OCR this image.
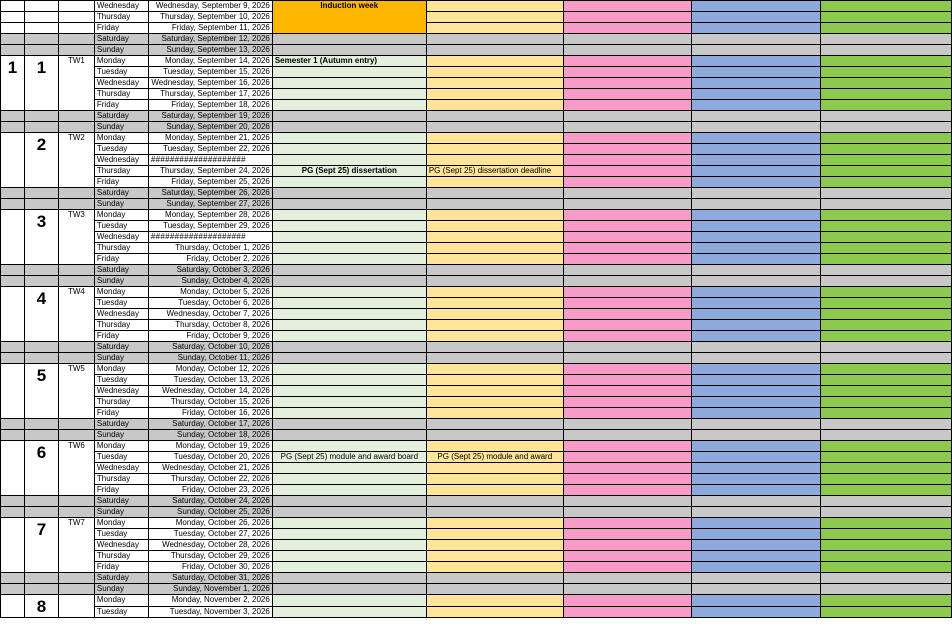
			Wednesday	Wednesday, September 9, 2026	Induction week				
			Thursday	Thursday, September 10, 2026					
			Friday	Friday, September 11, 2026					
			Saturday	Saturday, September 12, 2026					
			Sunday	Sunday, September 13, 2026					
1	1	TW1	Monday	Monday, September 14, 2026	Semester 1 (Autumn entry)				
			Tuesday	Tuesday, September 15, 2026					
			Wednesday	Wednesday, September 16, 2026					
			Thursday	Thursday, September 17, 2026					
			Friday	Friday, September 18, 2026					
			Saturday	Saturday, September 19, 2026					
			Sunday	Sunday, September 20, 2026					
	2	TW2	Monday	Monday, September 21, 2026					
			Tuesday	Tuesday, September 22, 2026					
			Wednesday	####################					
			Thursday	Thursday, September 24, 2026	PG (Sept 25) dissertation	PG (Sept 25) dissertation deadline			
			Friday	Friday, September 25, 2026					
			Saturday	Saturday, September 26, 2026					
			Sunday	Sunday, September 27, 2026					
	3	TW3	Monday	Monday, September 28, 2026					
			Tuesday	Tuesday, September 29, 2026					
			Wednesday	####################					
			Thursday	Thursday, October 1, 2026					
			Friday	Friday, October 2, 2026					
			Saturday	Saturday, October 3, 2026					
			Sunday	Sunday, October 4, 2026					
	4	TW4	Monday	Monday, October 5, 2026					
			Tuesday	Tuesday, October 6, 2026					
			Wednesday	Wednesday, October 7, 2026					
			Thursday	Thursday, October 8, 2026					
			Friday	Friday, October 9, 2026					
			Saturday	Saturday, October 10, 2026					
			Sunday	Sunday, October 11, 2026					
	5	TW5	Monday	Monday, October 12, 2026					
			Tuesday	Tuesday, October 13, 2026					
			Wednesday	Wednesday, October 14, 2026					
			Thursday	Thursday, October 15, 2026					
			Friday	Friday, October 16, 2026					
			Saturday	Saturday, October 17, 2026					
			Sunday	Sunday, October 18, 2026					
	6	TW6	Monday	Monday, October 19, 2026					
			Tuesday	Tuesday, October 20, 2026	PG (Sept 25) module and award board	PG (Sept 25) module and award			
			Wednesday	Wednesday, October 21, 2026					
			Thursday	Thursday, October 22, 2026					
			Friday	Friday, October 23, 2026					
			Saturday	Saturday, October 24, 2026					
			Sunday	Sunday, October 25, 2026					
	7	TW7	Monday	Monday, October 26, 2026					
			Tuesday	Tuesday, October 27, 2026					
			Wednesday	Wednesday, October 28, 2026					
			Thursday	Thursday, October 29, 2026					
			Friday	Friday, October 30, 2026					
			Saturday	Saturday, October 31, 2026					
			Sunday	Sunday, November 1, 2026					
	8		Monday	Monday, November 2, 2026					
			Tuesday	Tuesday, November 3, 2026					
